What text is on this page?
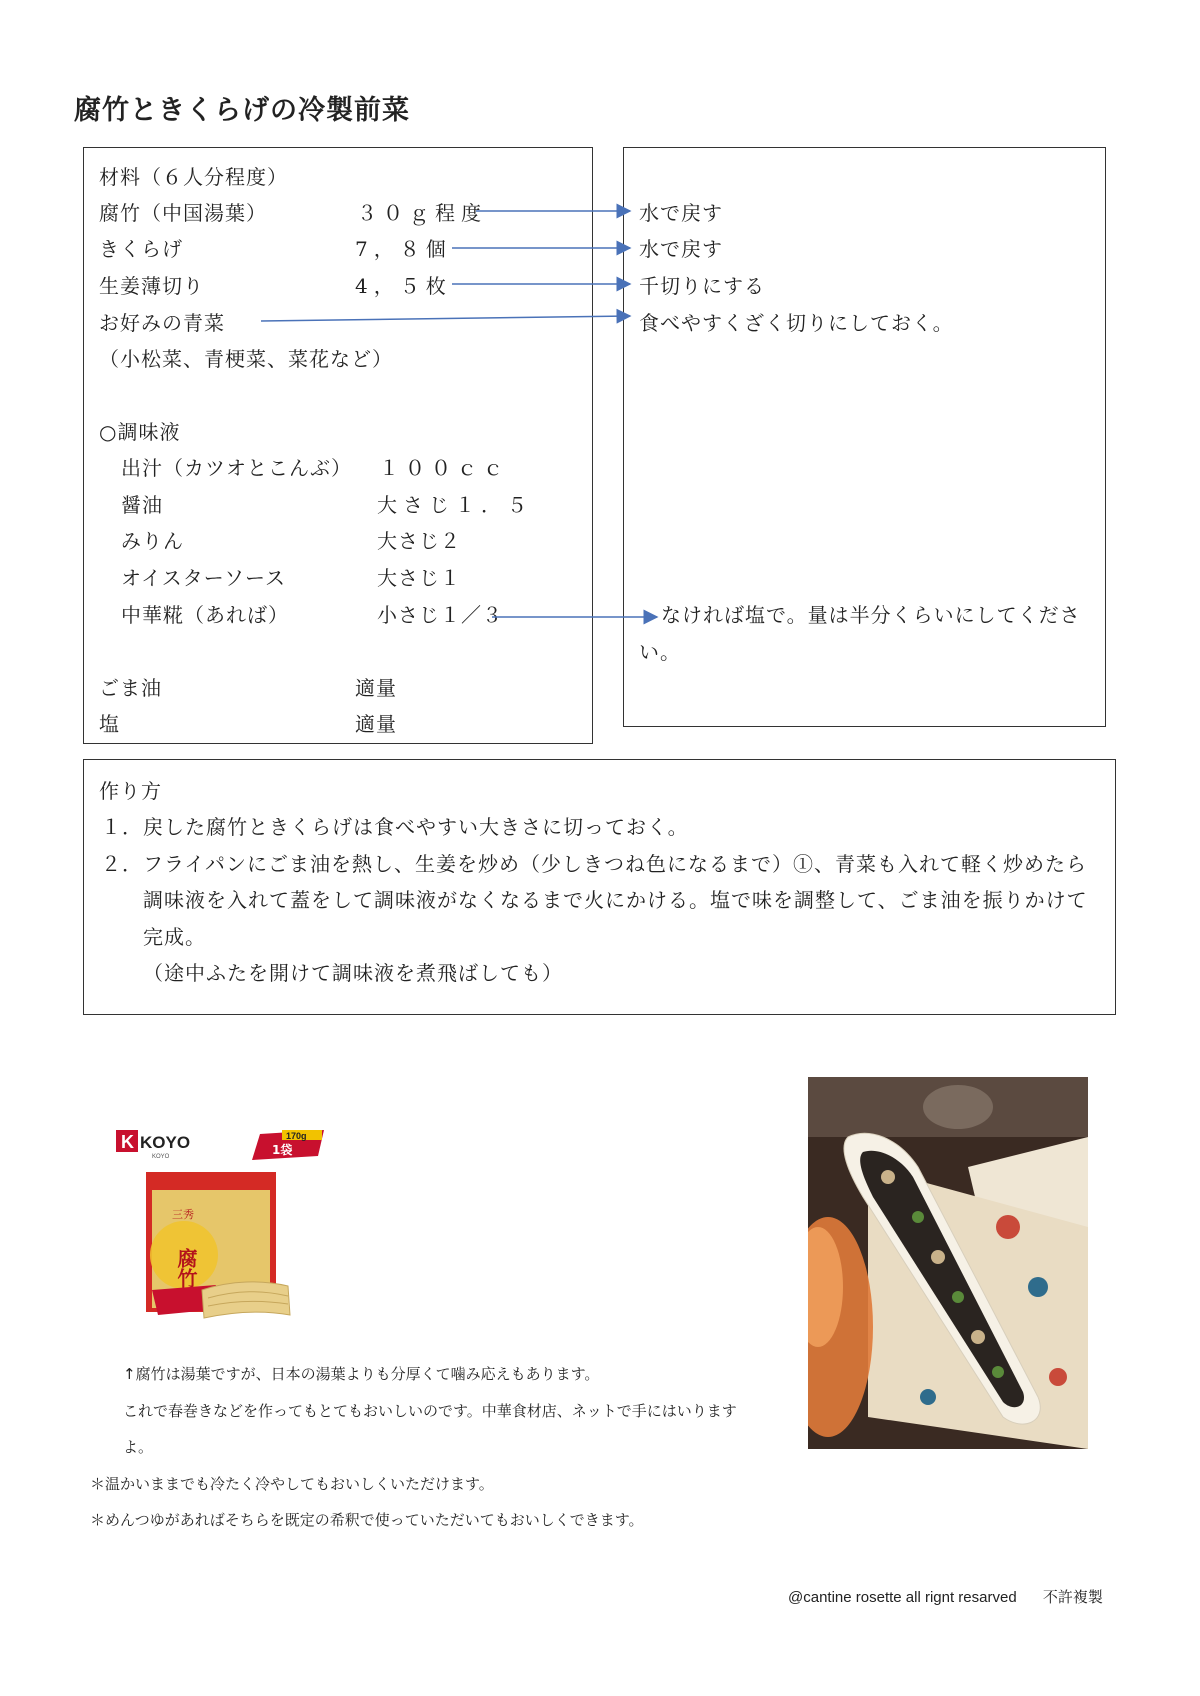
腐竹ときくらげの冷製前菜
材料（６人分程度）
腐竹（中国湯葉）	３０ｇ程度	水で戻す
きくらげ	7，８個	水で戻す
生姜薄切り	4，５枚	千切りにする
お好みの青菜	食べやすくざく切りにしておく。
（小松菜、青梗菜、菜花など）
○調味液
出汁（カツオとこんぶ） １００ｃｃ
醤油	大さじ１．５
みりん	大さじ２
オイスターソース	大さじ１
中華糀（あれば）	小さじ１／３	なければ塩で。量は半分くらいにしてくださ
い。
ごま油	適量
塩	適量
作り方
１． 戻した腐竹ときくらげは食べやすい大きさに切っておく。
２． フライパンにごま油を熱し、生姜を炒め（少しきつね色になるまで）①、青菜も入れて軽く炒めたら
調味液を入れて蓋をして調味液がなくなるまで火にかける。塩で味を調整して、ごま油を振りかけて
完成。
（途中ふたを開けて調味液を煮飛ばしても）
K KOYO
KOYO
170g
1袋
三秀
腐竹
↑腐竹は湯葉ですが、日本の湯葉よりも分厚くて噛み応えもあります。
これで春巻きなどを作ってもとてもおいしいのです。中華食材店、ネットで手にはいります
よ。
＊温かいままでも冷たく冷やしてもおいしくいただけます。
＊めんつゆがあればそちらを既定の希釈で使っていただいてもおいしくできます。
@cantine rosette all rignt resarved 不許複製
